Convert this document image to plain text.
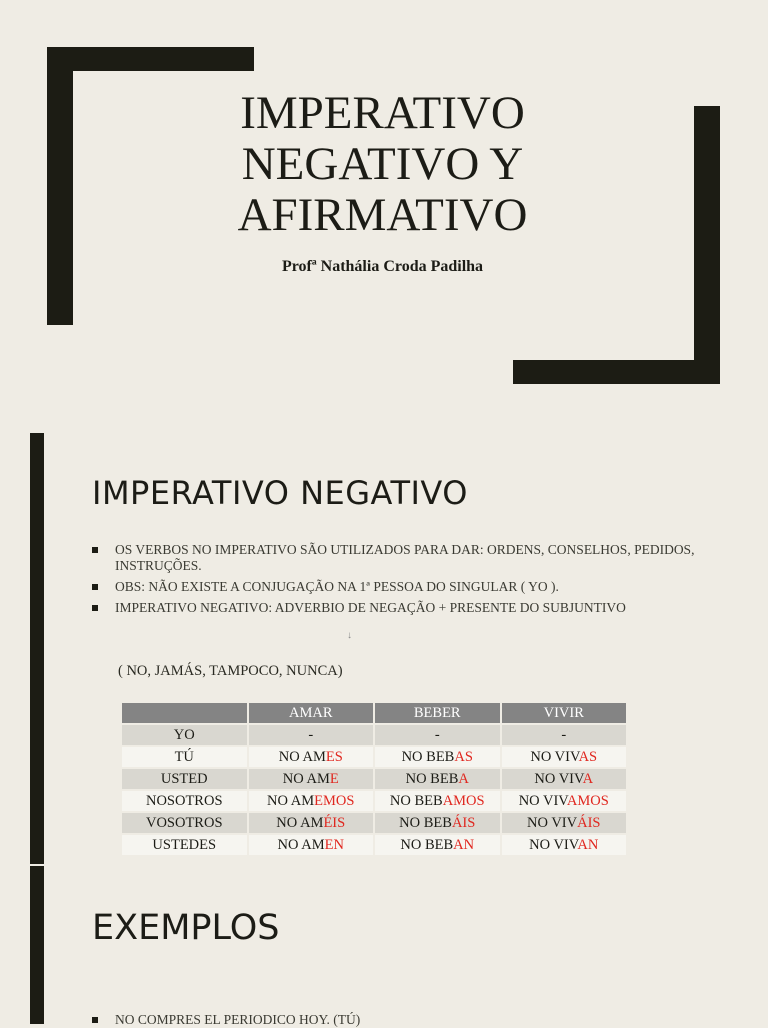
IMPERATIVO
NEGATIVO Y
AFIRMATIVO
Profª Nathália Croda Padilha
IMPERATIVO NEGATIVO
OS VERBOS NO IMPERATIVO SÃO UTILIZADOS PARA DAR: ORDENS, CONSELHOS, PEDIDOS, INSTRUÇÕES.
OBS: NÃO EXISTE A CONJUGAÇÃO NA 1ª PESSOA DO SINGULAR ( YO ).
IMPERATIVO NEGATIVO: ADVERBIO DE NEGAÇÃO + PRESENTE DO SUBJUNTIVO
↓
( NO, JAMÁS, TAMPOCO, NUNCA)
	AMAR	BEBER	VIVIR
YO	-	-	-
TÚ	NO AMES	NO BEBAS	NO VIVAS
USTED	NO AME	NO BEBA	NO VIVA
NOSOTROS	NO AMEMOS	NO BEBAMOS	NO VIVAMOS
VOSOTROS	NO AMÉIS	NO BEBÁIS	NO VIVÁIS
USTEDES	NO AMEN	NO BEBAN	NO VIVAN
EXEMPLOS
NO COMPRES EL PERIODICO HOY. (TÚ)
